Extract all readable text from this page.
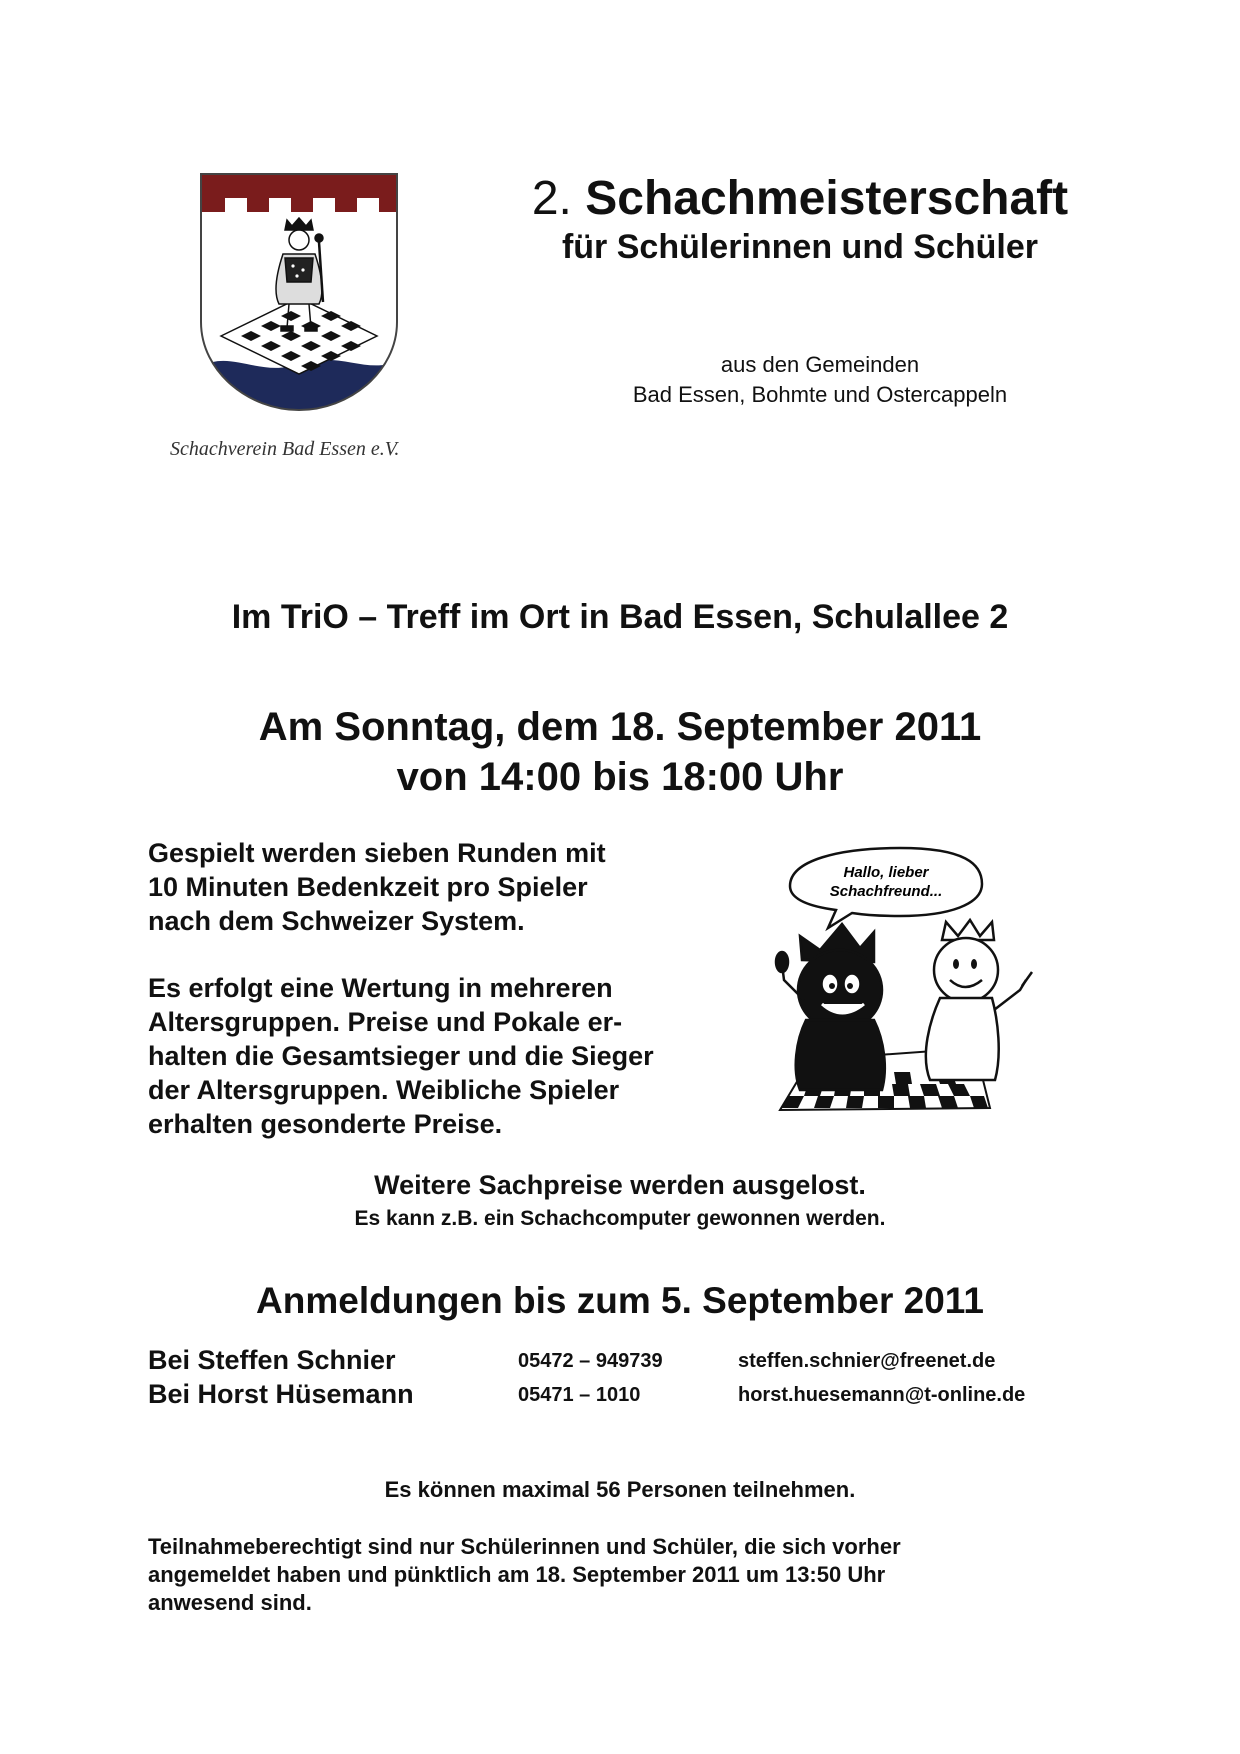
Schachverein Bad Essen e.V.
2. Schachmeisterschaft
für Schülerinnen und Schüler
aus den Gemeinden
Bad Essen, Bohmte und Ostercappeln
Im TriO – Treff im Ort in Bad Essen, Schulallee 2
Am Sonntag, dem 18. September 2011
von 14:00 bis 18:00 Uhr
Gespielt werden sieben Runden mit
10 Minuten Bedenkzeit pro Spieler
nach dem Schweizer System.
Es erfolgt eine Wertung in mehreren
Altersgruppen. Preise und Pokale er-
halten die Gesamtsieger und die Sieger
der Altersgruppen. Weibliche Spieler
erhalten gesonderte Preise.
Hallo, lieber
Schachfreund...
Weitere Sachpreise werden ausgelost.
Es kann z.B. ein Schachcomputer gewonnen werden.
Anmeldungen bis zum 5. September 2011
Bei Steffen Schnier	05472 – 949739	steffen.schnier@freenet.de
Bei Horst Hüsemann	05471 – 1010	horst.huesemann@t-online.de
Es können maximal 56 Personen teilnehmen.
Teilnahmeberechtigt sind nur Schülerinnen und Schüler, die sich vorher
angemeldet haben und pünktlich am 18. September 2011 um 13:50 Uhr
anwesend sind.
